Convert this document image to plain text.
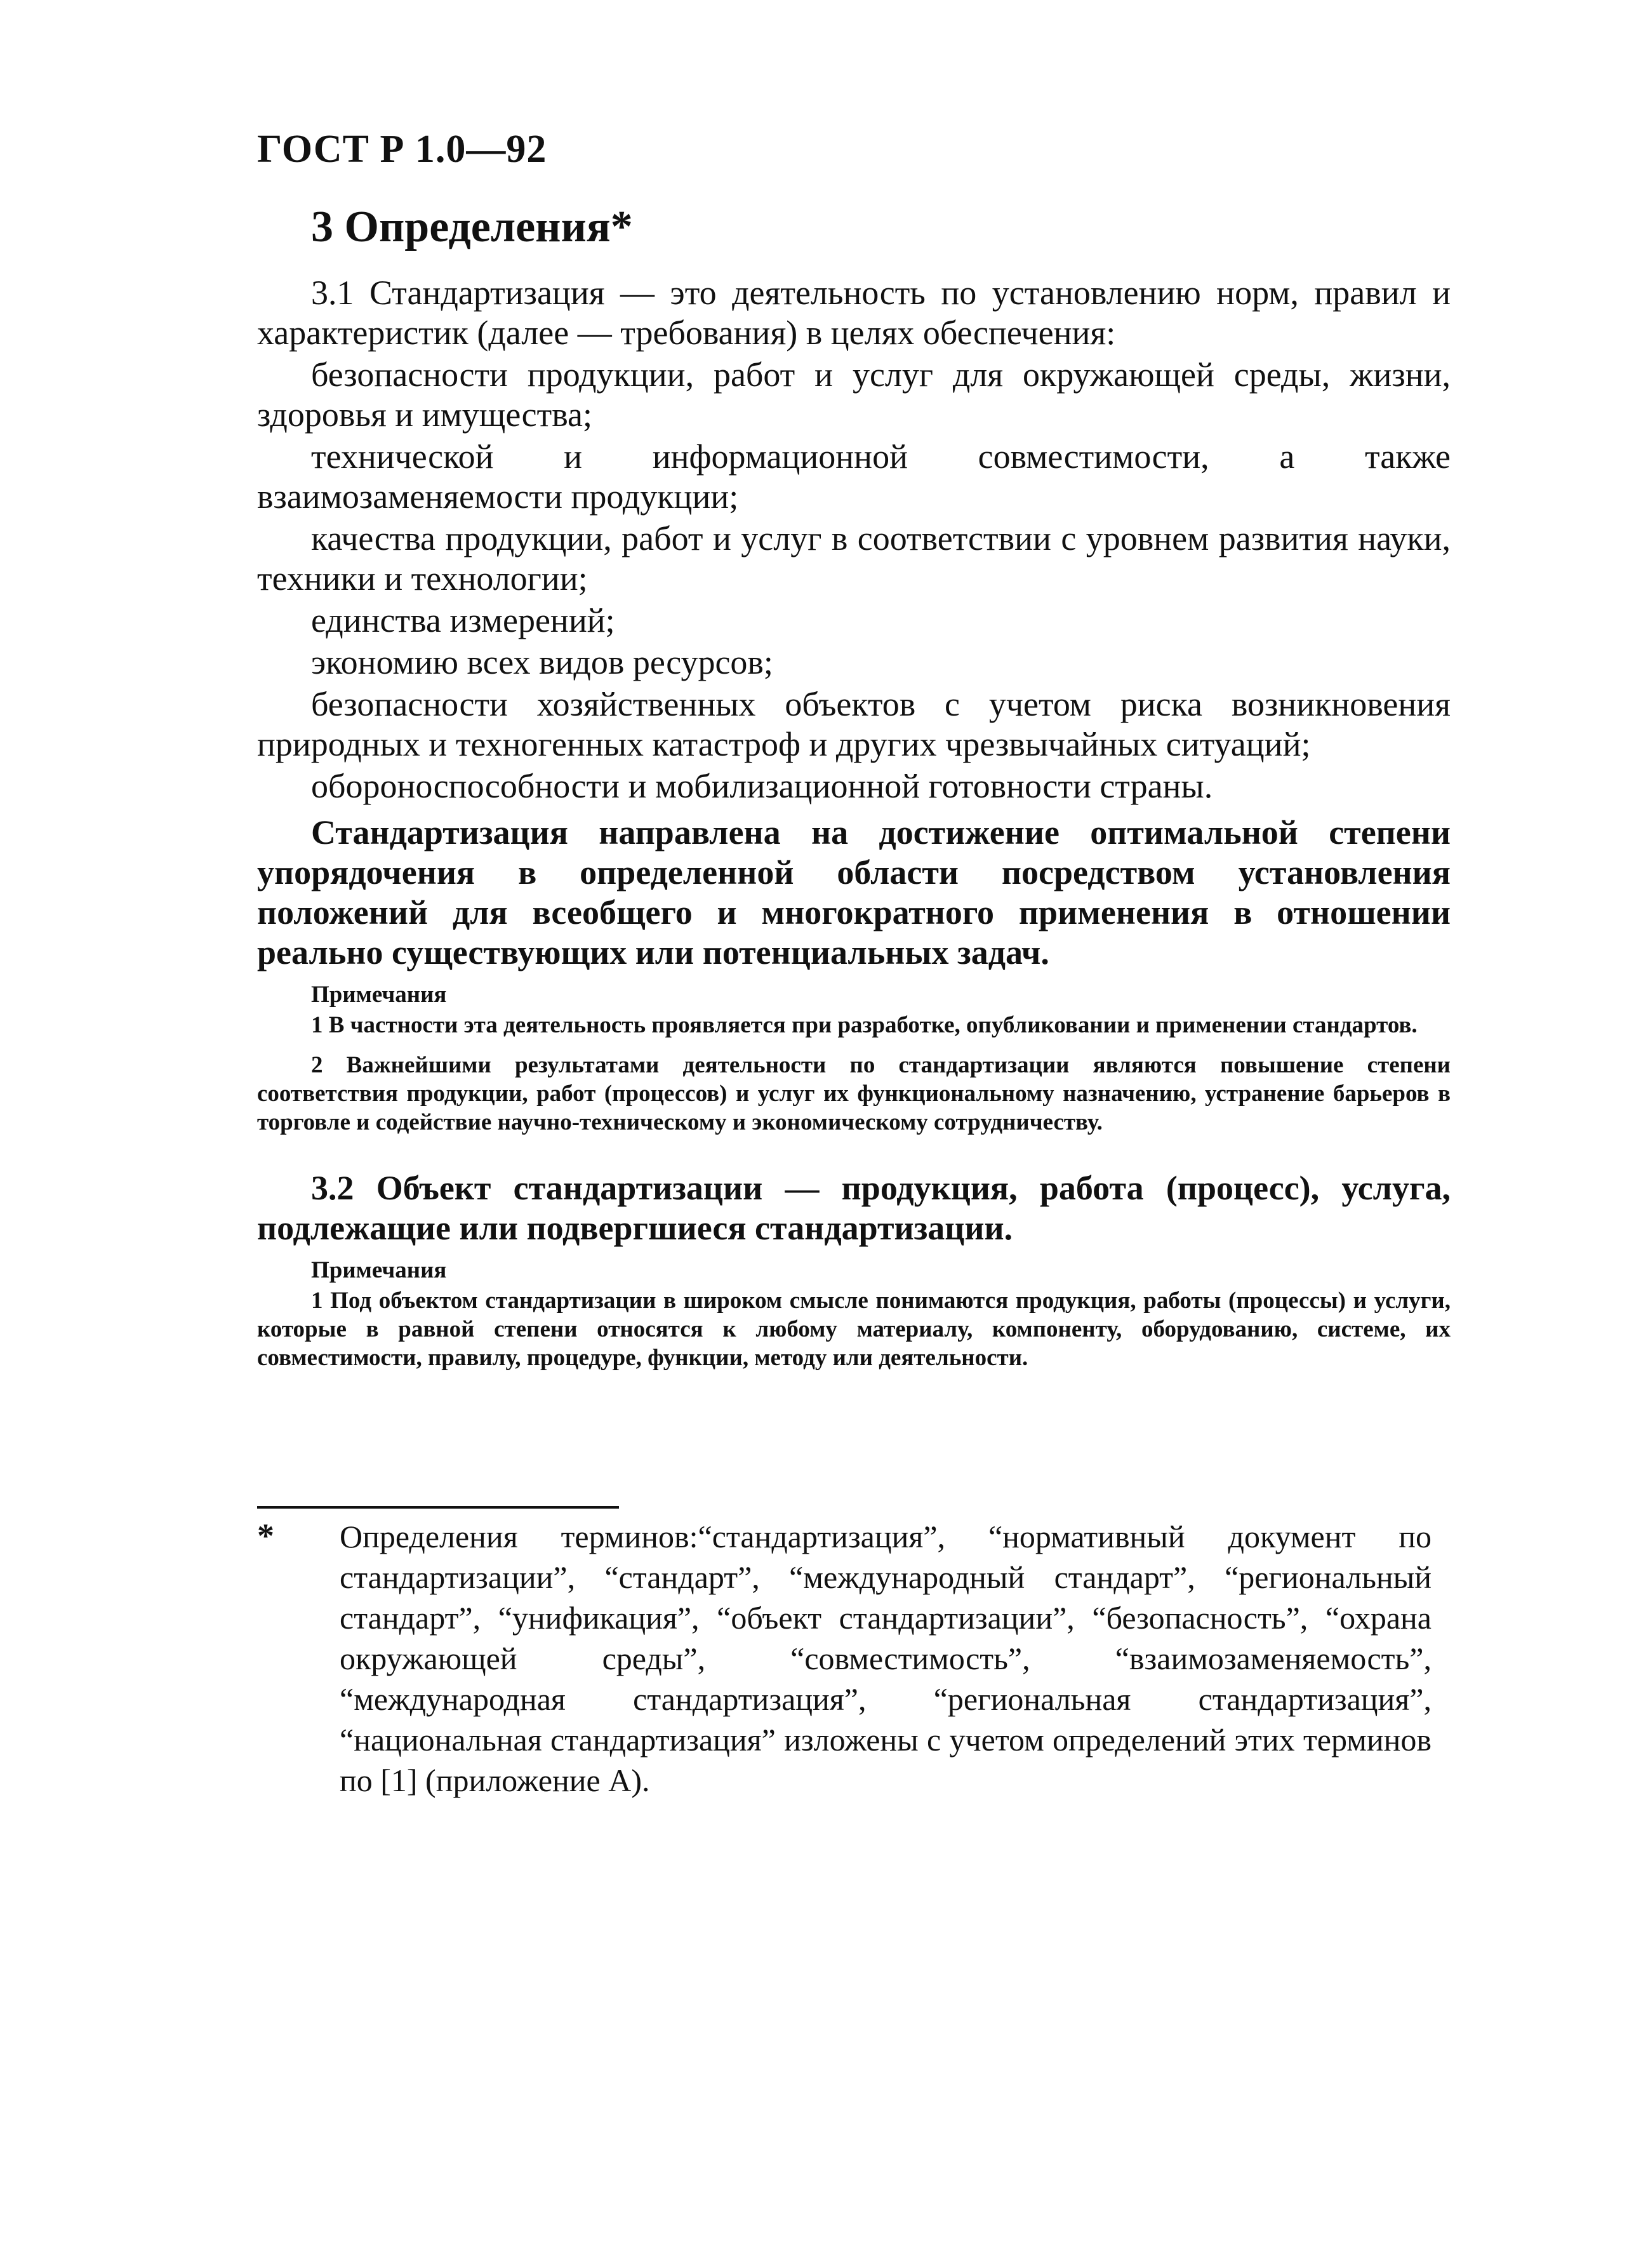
ГОСТ Р 1.0—92
3 Определения*

3.1 Стандартизация — это деятельность по установлению норм, правил и характеристик (далее — требования) в целях обеспечения:

безопасности продукции, работ и услуг для окружающей среды, жизни, здоровья и имущества;

технической и информационной совместимости, а также взаимозаменяемости продукции;

качества продукции, работ и услуг в соответствии с уровнем развития науки, техники и технологии;

единства измерений;

экономию всех видов ресурсов;

безопасности хозяйственных объектов с учетом риска возникновения природных и техногенных катастроф и других чрезвычайных ситуаций;

обороноспособности и мобилизационной готовности страны.

Стандартизация направлена на достижение оптимальной степени упорядочения в определенной области посредством установления положений для всеобщего и многократного применения в отношении реально существующих или потенциальных задач.

Примечания

1 В частности эта деятельность проявляется при разработке, опубликовании и применении стандартов.

2 Важнейшими результатами деятельности по стандартизации являются повышение степени соответствия продукции, работ (процессов) и услуг их функциональному назначению, устранение барьеров в торговле и содействие научно-техническому и экономическому сотрудничеству.

3.2 Объект стандартизации — продукция, работа (процесс), услуга, подлежащие или подвергшиеся стандартизации.

Примечания

1 Под объектом стандартизации в широком смысле понимаются продукция, работы (процессы) и услуги, которые в равной степени относятся к любому материалу, компоненту, оборудованию, системе, их совместимости, правилу, процедуре, функции, методу или деятельности.

* Определения терминов:“стандартизация”, “нормативный документ по стандартизации”, “стандарт”, “международный стандарт”, “региональный стандарт”, “унификация”, “объект стандартизации”, “безопасность”, “охрана окружающей среды”, “совместимость”, “взаимозаменяемость”, “международная стандартизация”, “региональная стандартизация”, “национальная стандартизация” изложены с учетом определений этих терминов по [1] (приложение А).
